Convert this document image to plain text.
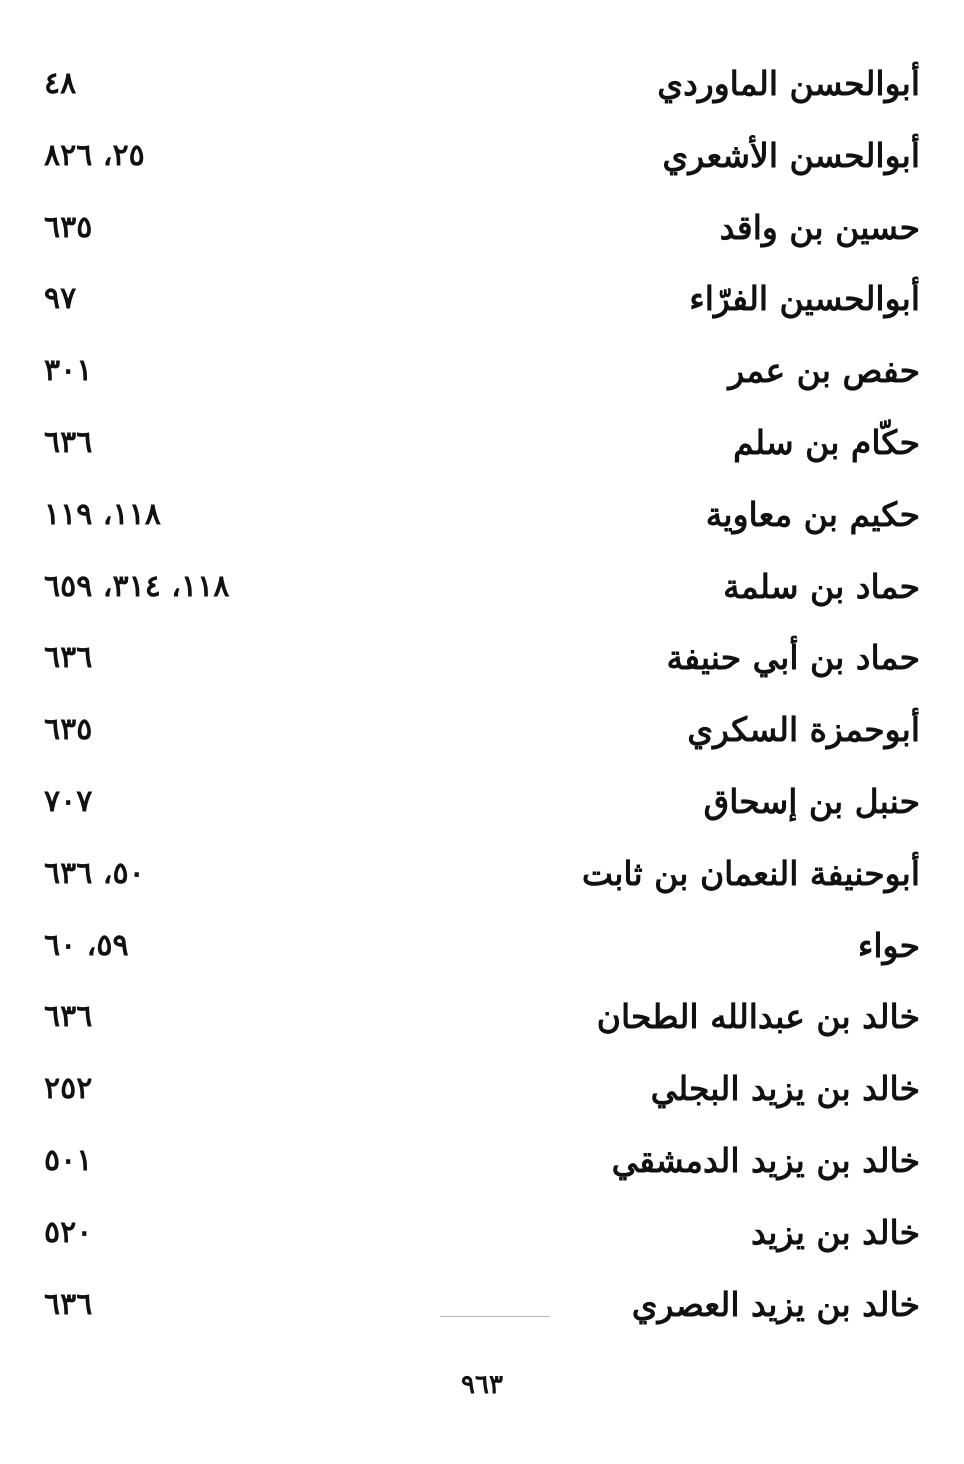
أبوالحسن الماوردي
٤٨
أبوالحسن الأشعري
٢٥، ٨٢٦
حسين بن واقد
٦٣٥
أبوالحسين الفرّاء
٩٧
حفص بن عمر
٣٠١
حكّام بن سلم
٦٣٦
حكيم بن معاوية
١١٨، ١١٩
حماد بن سلمة
١١٨، ٣١٤، ٦٥٩
حماد بن أبي حنيفة
٦٣٦
أبوحمزة السكري
٦٣٥
حنبل بن إسحاق
٧٠٧
أبوحنيفة النعمان بن ثابت
٥٠، ٦٣٦
حواء
٥٩، ٦٠
خالد بن عبدالله الطحان
٦٣٦
خالد بن يزيد البجلي
٢٥٢
خالد بن يزيد الدمشقي
٥٠١
خالد بن يزيد
٥٢٠
خالد بن يزيد العصري
٦٣٦
٩٦٣
